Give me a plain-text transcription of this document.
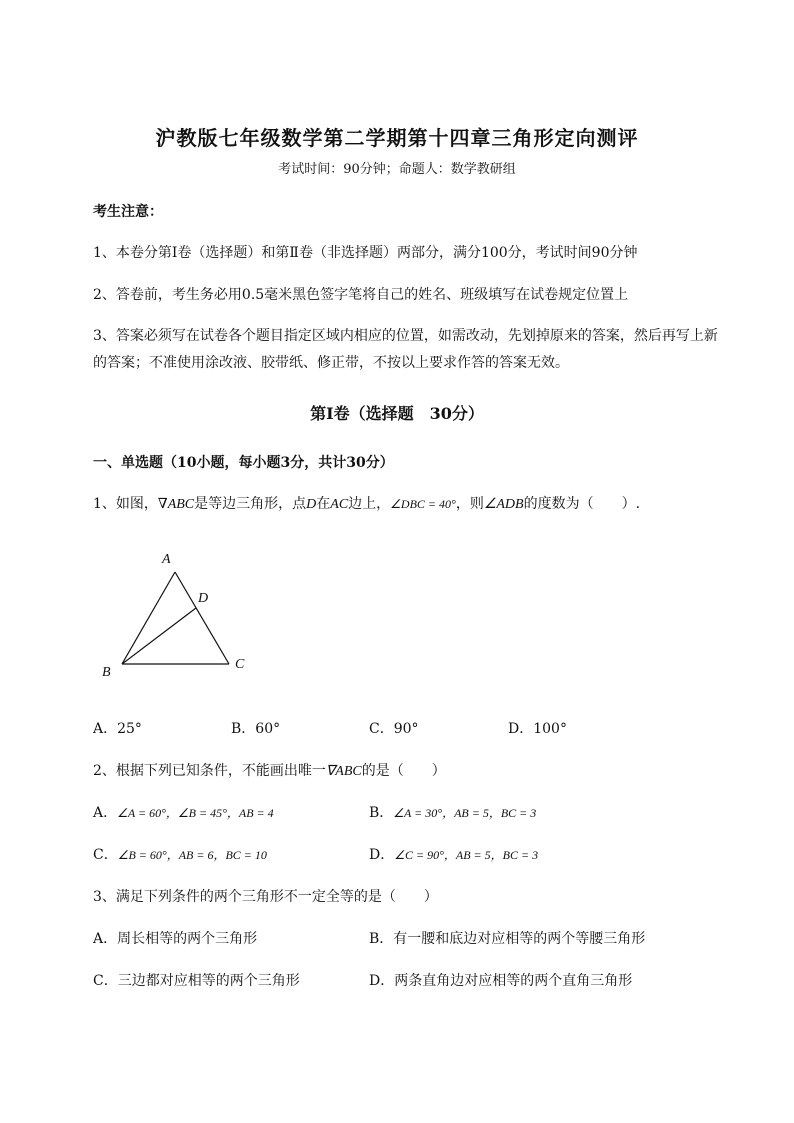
沪教版七年级数学第二学期第十四章三角形定向测评
考试时间：90分钟；命题人：数学教研组
考生注意：
1、本卷分第Ⅰ卷（选择题）和第Ⅱ卷（非选择题）两部分，满分100分，考试时间90分钟
2、答卷前，考生务必用0.5毫米黑色签字笔将自己的姓名、班级填写在试卷规定位置上
3、答案必须写在试卷各个题目指定区域内相应的位置，如需改动，先划掉原来的答案，然后再写上新
的答案；不准使用涂改液、胶带纸、修正带，不按以上要求作答的答案无效。
第Ⅰ卷（选择题　30分）
一、单选题（10小题，每小题3分，共计30分）
1、如图，∇ABC是等边三角形，点D在AC边上，∠DBC = 40°，则∠ADB的度数为（　　）.
A
D
B
C
A．25°	B．60°	C．90°	D．100°
2、根据下列已知条件，不能画出唯一∇ABC的是（　　）
A．∠A = 60°，∠B = 45°，AB = 4	B．∠A = 30°，AB = 5，BC = 3
C．∠B = 60°，AB = 6，BC = 10	D．∠C = 90°，AB = 5，BC = 3
3、满足下列条件的两个三角形不一定全等的是（　　）
A．周长相等的两个三角形	B．有一腰和底边对应相等的两个等腰三角形
C．三边都对应相等的两个三角形	D．两条直角边对应相等的两个直角三角形
